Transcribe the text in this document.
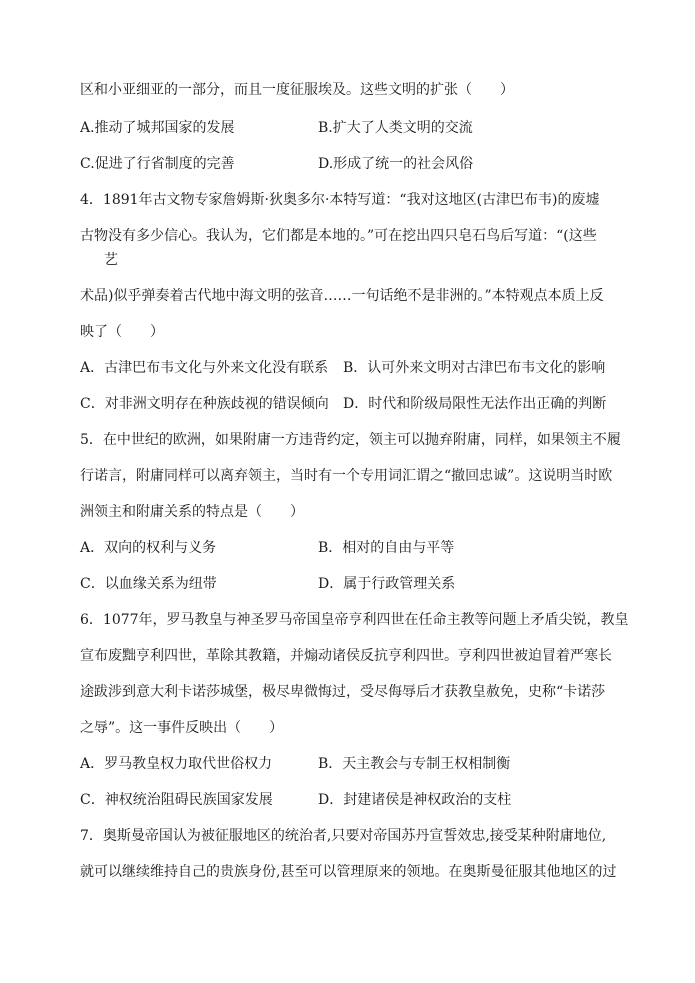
区和小亚细亚的一部分，而且一度征服埃及。这些文明的扩张（　　）
A.推动了城邦国家的发展	B.扩大了人类文明的交流
C.促进了行省制度的完善	D.形成了统一的社会风俗
4．1891年古文物专家詹姆斯·狄奥多尔·本特写道：“我对这地区(古津巴布韦)的废墟
古物没有多少信心。我认为，它们都是本地的。”可在挖出四只皂石鸟后写道：“(这些
艺
术品)似乎弹奏着古代地中海文明的弦音……一句话绝不是非洲的。”本特观点本质上反
映了（　　）
A．古津巴布韦文化与外来文化没有联系 B．认可外来文明对古津巴布韦文化的影响
C．对非洲文明存在种族歧视的错误倾向 D．时代和阶级局限性无法作出正确的判断
5．在中世纪的欧洲，如果附庸一方违背约定，领主可以抛弃附庸，同样，如果领主不履
行诺言，附庸同样可以离弃领主，当时有一个专用词汇谓之“撤回忠诚”。这说明当时欧
洲领主和附庸关系的特点是（　　）
A．双向的权利与义务	B．相对的自由与平等
C．以血缘关系为纽带	D．属于行政管理关系
6．1077年，罗马教皇与神圣罗马帝国皇帝亨利四世在任命主教等问题上矛盾尖锐，教皇
宣布废黜亨利四世，革除其教籍，并煽动诸侯反抗亨利四世。亨利四世被迫冒着严寒长
途跋涉到意大利卡诺莎城堡，极尽卑微悔过，受尽侮辱后才获教皇赦免，史称“卡诺莎
之辱”。这一事件反映出（　　）
A．罗马教皇权力取代世俗权力	B．天主教会与专制王权相制衡
C．神权统治阻碍民族国家发展	D．封建诸侯是神权政治的支柱
7．奥斯曼帝国认为被征服地区的统治者,只要对帝国苏丹宣誓效忠,接受某种附庸地位,
就可以继续维持自己的贵族身份,甚至可以管理原来的领地。在奥斯曼征服其他地区的过
